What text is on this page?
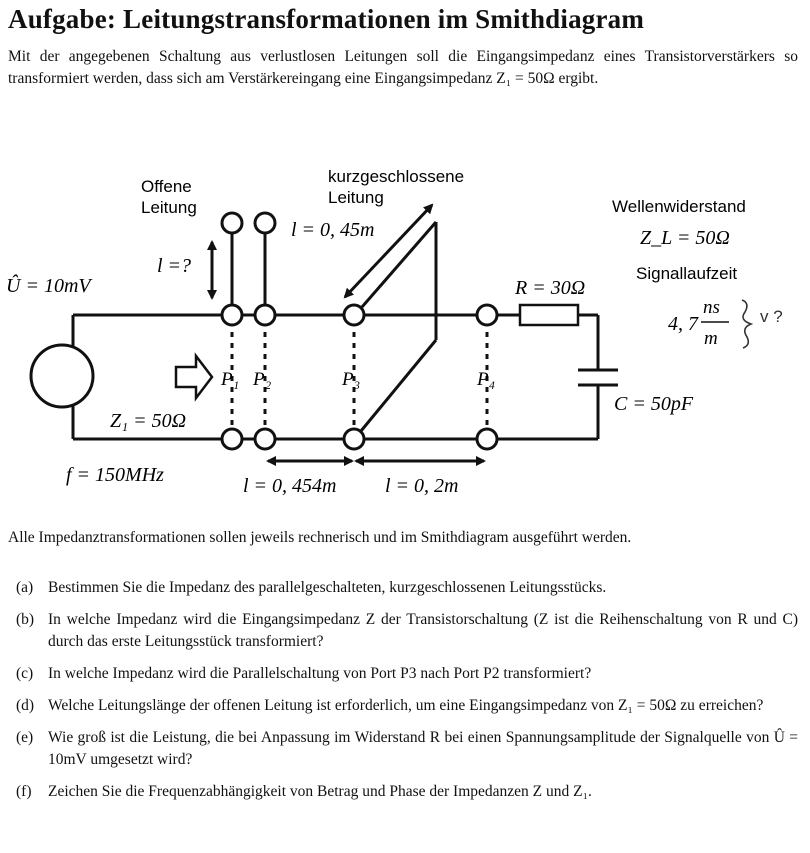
Aufgabe: Leitungstransformationen im Smithdiagram
Mit der angegebenen Schaltung aus verlustlosen Leitungen soll die Eingangsimpedanz eines Transistorverstärkers so transformiert werden, dass sich am Verstärkereingang eine Eingangsimpedanz Z₁ = 50Ω ergibt.
Offene
Leitung
kurzgeschlossene
Leitung
l = 0, 45m
l =?
Û = 10mV
Z₁ = 50Ω
f = 150MHz
P₁ P₂	P₃	P₄
l = 0, 454m l = 0, 2m
R = 30Ω
C = 50pF
Wellenwiderstand
Z_L = 50Ω
Signallaufzeit
4, 7
ns
m
v ?
Alle Impedanztransformationen sollen jeweils rechnerisch und im Smithdiagram ausgeführt werden.
(a) Bestimmen Sie die Impedanz des parallelgeschalteten, kurzgeschlossenen Leitungsstücks.
(b) In welche Impedanz wird die Eingangsimpedanz Z der Transistorschaltung (Z ist die Reihenschaltung von R und C) durch das erste Leitungsstück transformiert?
(c) In welche Impedanz wird die Parallelschaltung von Port P3 nach Port P2 transformiert?
(d) Welche Leitungslänge der offenen Leitung ist erforderlich, um eine Eingangsimpedanz von Z₁ = 50Ω zu erreichen?
(e) Wie groß ist die Leistung, die bei Anpassung im Widerstand R bei einen Spannungsamplitude der Signalquelle von Û = 10mV umgesetzt wird?
(f) Zeichen Sie die Frequenzabhängigkeit von Betrag und Phase der Impedanzen Z und Z₁.
